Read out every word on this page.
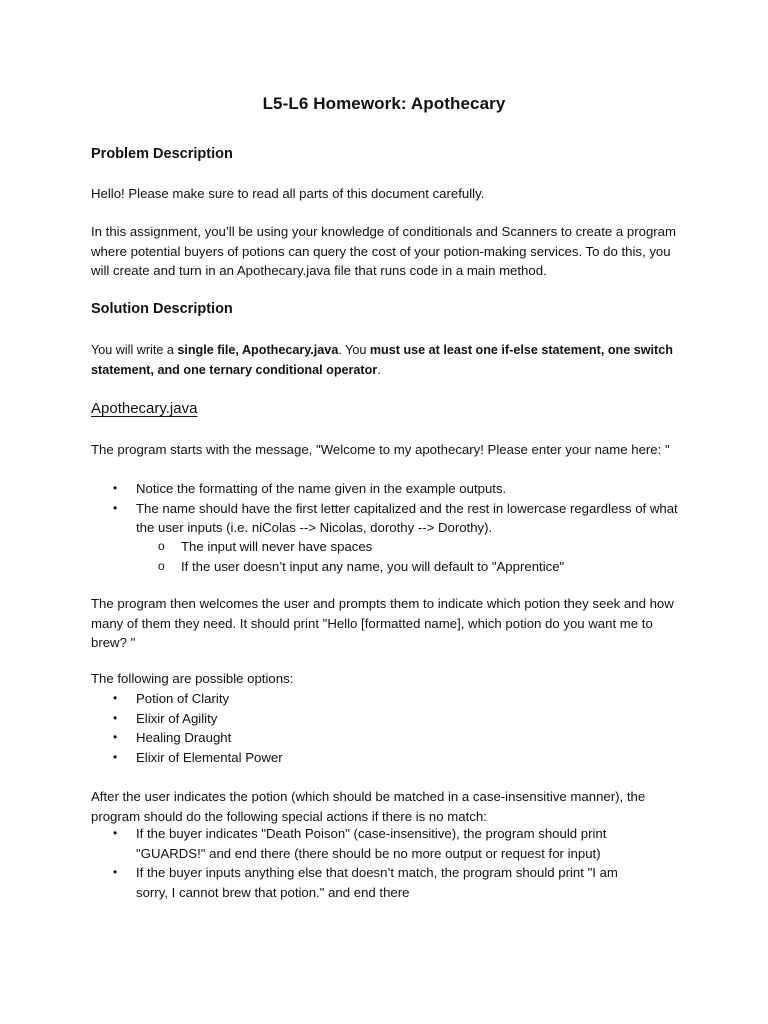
L5-L6 Homework: Apothecary
Problem Description
Hello! Please make sure to read all parts of this document carefully.
In this assignment, you’ll be using your knowledge of conditionals and Scanners to create a program where potential buyers of potions can query the cost of your potion-making services. To do this, you will create and turn in an Apothecary.java file that runs code in a main method.
Solution Description
You will write a single file, Apothecary.java. You must use at least one if-else statement, one switch statement, and one ternary conditional operator.
Apothecary.java
The program starts with the message, "Welcome to my apothecary! Please enter your name here: "
• Notice the formatting of the name given in the example outputs.
• The name should have the first letter capitalized and the rest in lowercase regardless of what the user inputs (i.e. niColas --> Nicolas, dorothy --> Dorothy).
o The input will never have spaces
o If the user doesn’t input any name, you will default to "Apprentice"
The program then welcomes the user and prompts them to indicate which potion they seek and how many of them they need. It should print "Hello [formatted name], which potion do you want me to brew? "
The following are possible options:
• Potion of Clarity
• Elixir of Agility
• Healing Draught
• Elixir of Elemental Power
After the user indicates the potion (which should be matched in a case-insensitive manner), the program should do the following special actions if there is no match:
• If the buyer indicates "Death Poison" (case-insensitive), the program should print "GUARDS!" and end there (there should be no more output or request for input)
• If the buyer inputs anything else that doesn’t match, the program should print "I am sorry, I cannot brew that potion." and end there
